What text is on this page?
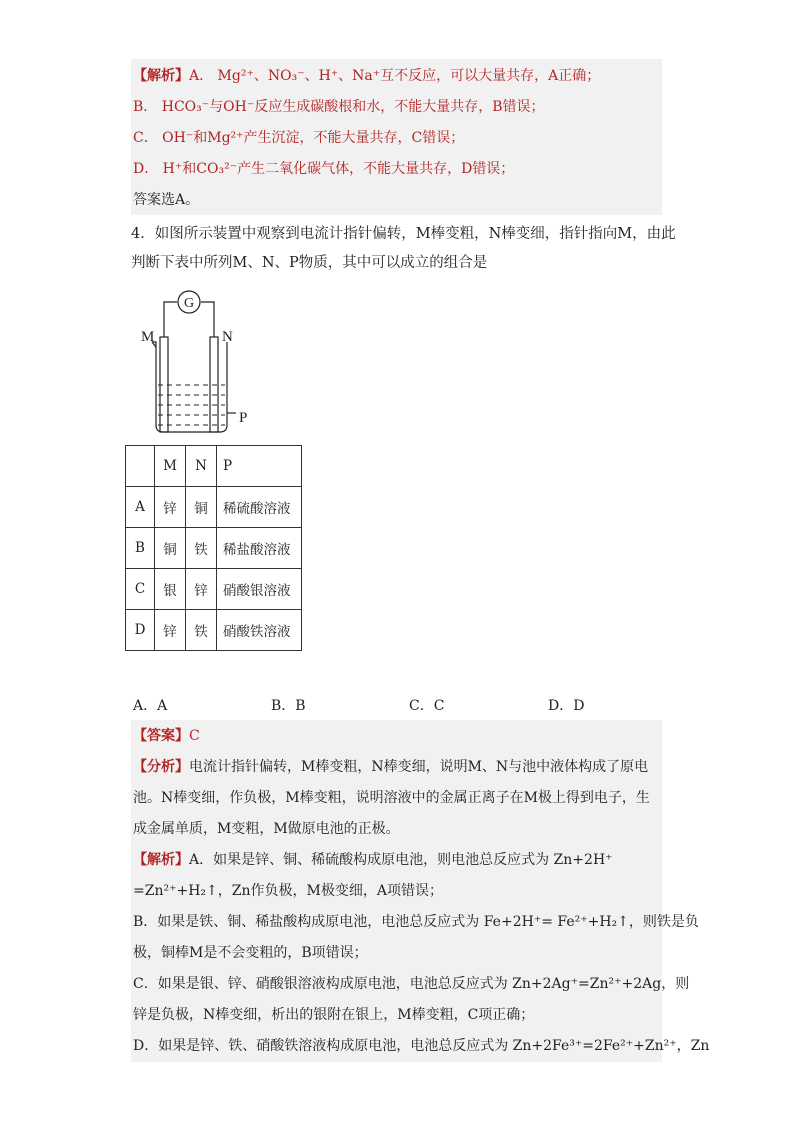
【解析】A． Mg²⁺、NO₃⁻、H⁺、Na⁺互不反应，可以大量共存，A正确；
B． HCO₃⁻与OH⁻反应生成碳酸根和水，不能大量共存，B错误；
C． OH⁻和Mg²⁺产生沉淀，不能大量共存，C错误；
D． H⁺和CO₃²⁻产生二氧化碳气体，不能大量共存，D错误；
答案选A。
4．如图所示装置中观察到电流计指针偏转，M棒变粗，N棒变细，指针指向M，由此
判断下表中所列M、N、P物质，其中可以成立的组合是
G
M	N
P
	M	N	P
A	锌	铜	稀硫酸溶液
B	铜	铁	稀盐酸溶液
C	银	锌	硝酸银溶液
D	锌	铁	硝酸铁溶液
A．A	B．B	C．C	D．D
【答案】C
【分析】电流计指针偏转，M棒变粗，N棒变细，说明M、N与池中液体构成了原电
池。N棒变细，作负极，M棒变粗，说明溶液中的金属正离子在M极上得到电子，生
成金属单质，M变粗，M做原电池的正极。
【解析】A．如果是锌、铜、稀硫酸构成原电池，则电池总反应式为 Zn+2H⁺
=Zn²⁺+H₂↑，Zn作负极，M极变细，A项错误；
B．如果是铁、铜、稀盐酸构成原电池，电池总反应式为 Fe+2H⁺= Fe²⁺+H₂↑，则铁是负
极，铜棒M是不会变粗的，B项错误；
C．如果是银、锌、硝酸银溶液构成原电池，电池总反应式为 Zn+2Ag⁺=Zn²⁺+2Ag，则
锌是负极，N棒变细，析出的银附在银上，M棒变粗，C项正确；
D．如果是锌、铁、硝酸铁溶液构成原电池，电池总反应式为 Zn+2Fe³⁺=2Fe²⁺+Zn²⁺，Zn
